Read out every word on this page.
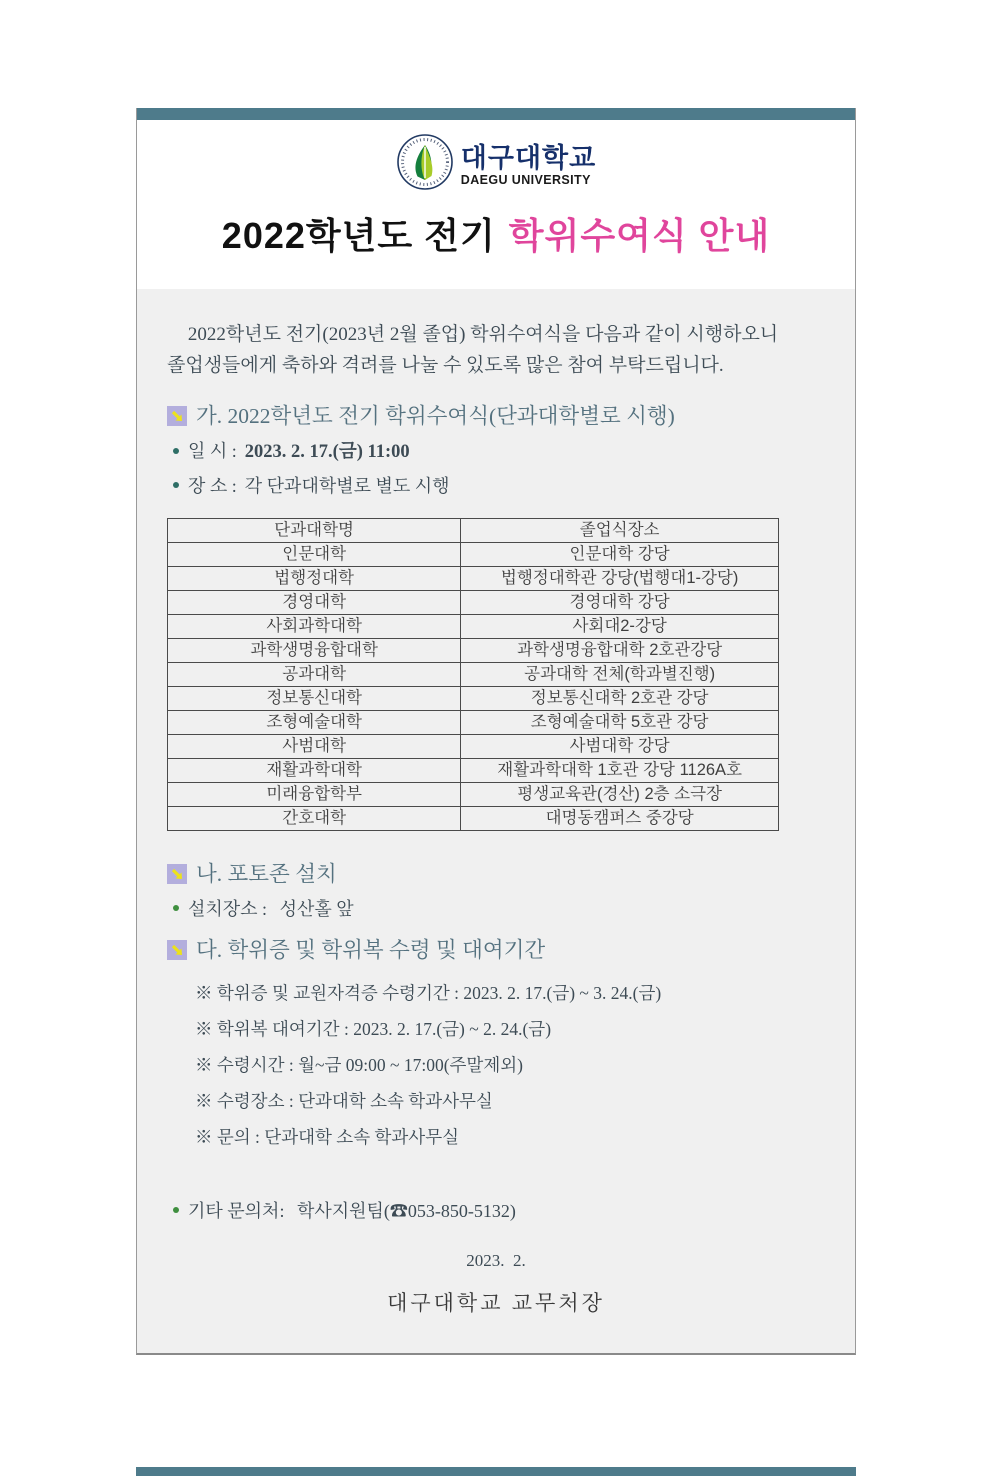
대구대학교
DAEGU UNIVERSITY
2022학년도 전기 학위수여식 안내

2022학년도 전기(2023년 2월 졸업) 학위수여식을 다음과 같이 시행하오니
졸업생들에게 축하와 격려를 나눌 수 있도록 많은 참여 부탁드립니다.

가. 2022학년도 전기 학위수여식(단과대학별로 시행)
일 시 : 2023. 2. 17.(금) 11:00
장 소 : 각 단과대학별로 별도 시행
단과대학명	졸업식장소
인문대학	인문대학 강당
법행정대학	법행정대학관 강당(법행대1-강당)
경영대학	경영대학 강당
사회과학대학	사회대2-강당
과학생명융합대학	과학생명융합대학 2호관강당
공과대학	공과대학 전체(학과별진행)
정보통신대학	정보통신대학 2호관 강당
조형예술대학	조형예술대학 5호관 강당
사범대학	사범대학 강당
재활과학대학	재활과학대학 1호관 강당 1126A호
미래융합학부	평생교육관(경산) 2층 소극장
간호대학	대명동캠퍼스 중강당
나. 포토존 설치
설치장소 : 성산홀 앞
다. 학위증 및 학위복 수령 및 대여기간
※ 학위증 및 교원자격증 수령기간 : 2023. 2. 17.(금) ~ 3. 24.(금)
※ 학위복 대여기간 : 2023. 2. 17.(금) ~ 2. 24.(금)
※ 수령시간 : 월~금 09:00 ~ 17:00(주말제외)
※ 수령장소 : 단과대학 소속 학과사무실
※ 문의 : 단과대학 소속 학과사무실
기타 문의처: 학사지원팀(☎053-850-5132)
2023.  2.
대구대학교 교무처장
